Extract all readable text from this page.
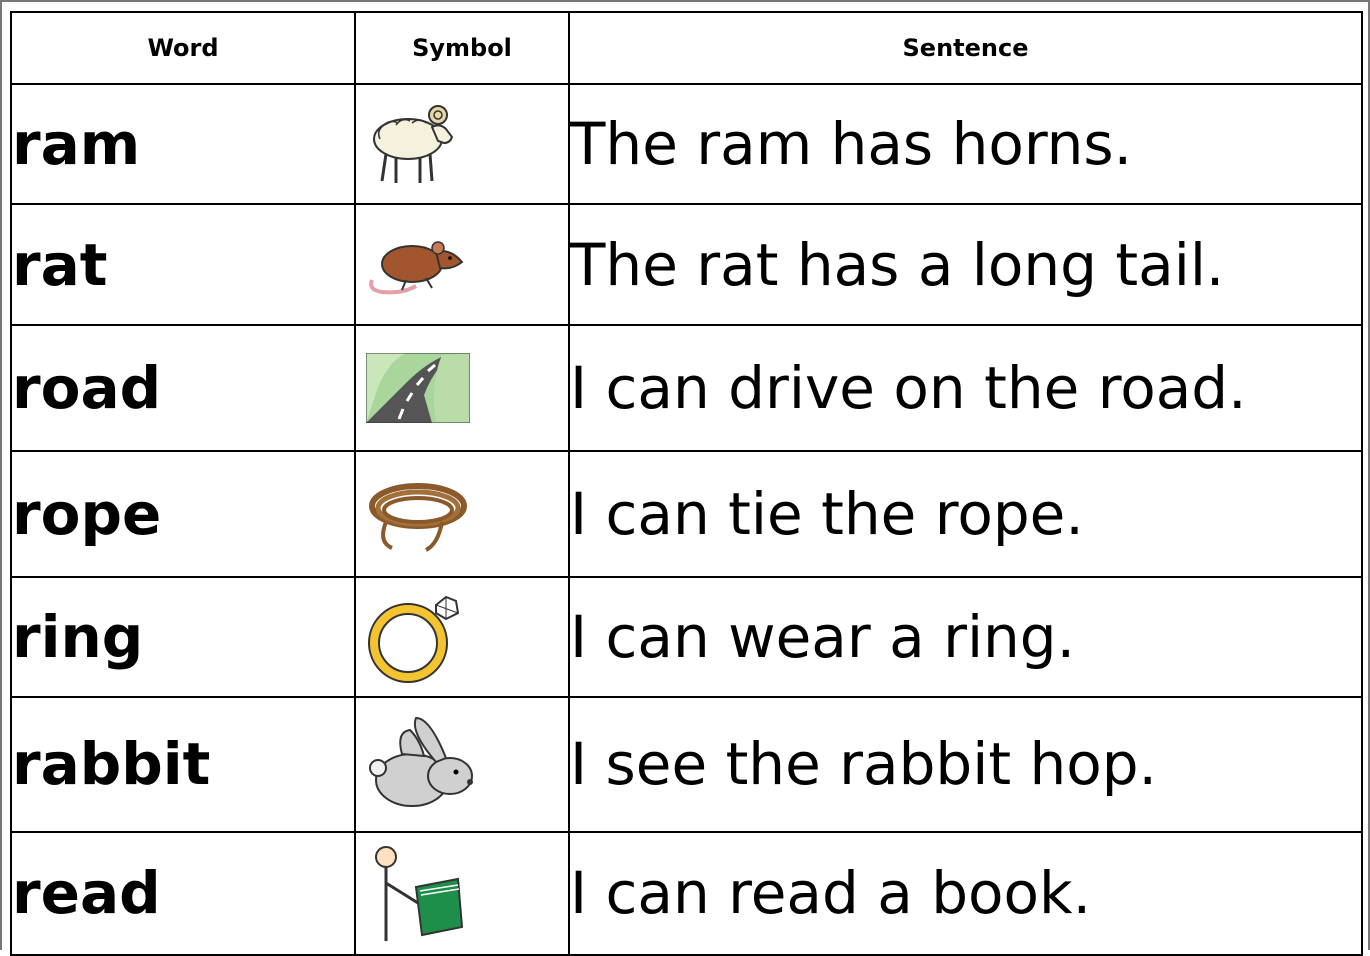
Word	Symbol	Sentence
ram		The ram has horns.
rat		The rat has a long tail.
road		I can drive on the road.
rope		I can tie the rope.
ring		I can wear a ring.
rabbit		I see the rabbit hop.
read		I can read a book.
